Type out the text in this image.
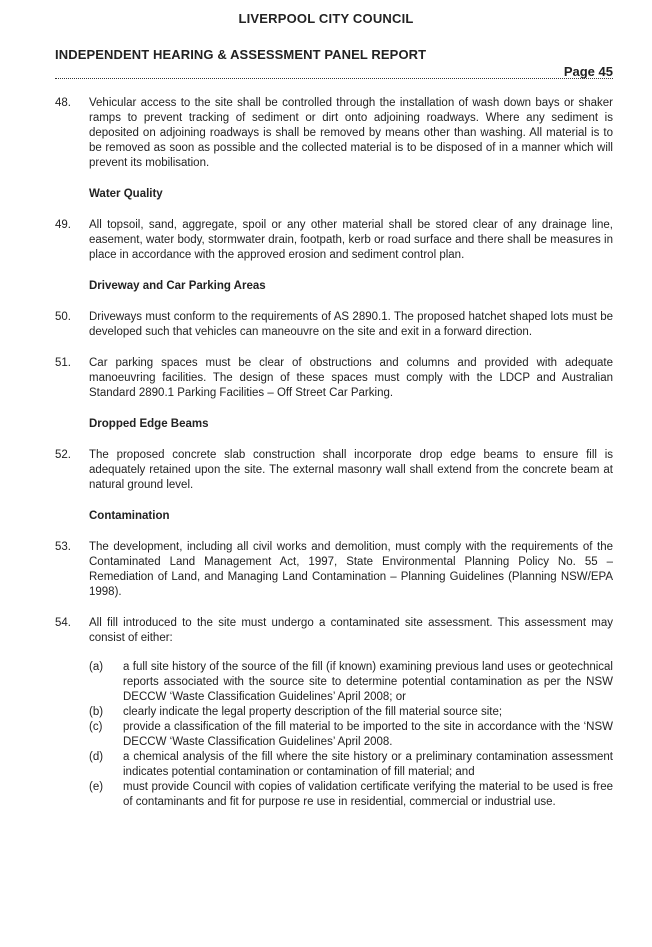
LIVERPOOL CITY COUNCIL
INDEPENDENT HEARING & ASSESSMENT PANEL REPORT
Page 45
48. Vehicular access to the site shall be controlled through the installation of wash down bays or shaker ramps to prevent tracking of sediment or dirt onto adjoining roadways. Where any sediment is deposited on adjoining roadways is shall be removed by means other than washing. All material is to be removed as soon as possible and the collected material is to be disposed of in a manner which will prevent its mobilisation.
Water Quality
49. All topsoil, sand, aggregate, spoil or any other material shall be stored clear of any drainage line, easement, water body, stormwater drain, footpath, kerb or road surface and there shall be measures in place in accordance with the approved erosion and sediment control plan.
Driveway and Car Parking Areas
50. Driveways must conform to the requirements of AS 2890.1. The proposed hatchet shaped lots must be developed such that vehicles can maneouvre on the site and exit in a forward direction.
51. Car parking spaces must be clear of obstructions and columns and provided with adequate manoeuvring facilities. The design of these spaces must comply with the LDCP and Australian Standard 2890.1 Parking Facilities – Off Street Car Parking.
Dropped Edge Beams
52. The proposed concrete slab construction shall incorporate drop edge beams to ensure fill is adequately retained upon the site. The external masonry wall shall extend from the concrete beam at natural ground level.
Contamination
53. The development, including all civil works and demolition, must comply with the requirements of the Contaminated Land Management Act, 1997, State Environmental Planning Policy No. 55 – Remediation of Land, and Managing Land Contamination – Planning Guidelines (Planning NSW/EPA 1998).
54. All fill introduced to the site must undergo a contaminated site assessment. This assessment may consist of either:
(a) a full site history of the source of the fill (if known) examining previous land uses or geotechnical reports associated with the source site to determine potential contamination as per the NSW DECCW ‘Waste Classification Guidelines’ April 2008; or
(b) clearly indicate the legal property description of the fill material source site;
(c) provide a classification of the fill material to be imported to the site in accordance with the ‘NSW DECCW ‘Waste Classification Guidelines’ April 2008.
(d) a chemical analysis of the fill where the site history or a preliminary contamination assessment indicates potential contamination or contamination of fill material; and
(e) must provide Council with copies of validation certificate verifying the material to be used is free of contaminants and fit for purpose re use in residential, commercial or industrial use.
